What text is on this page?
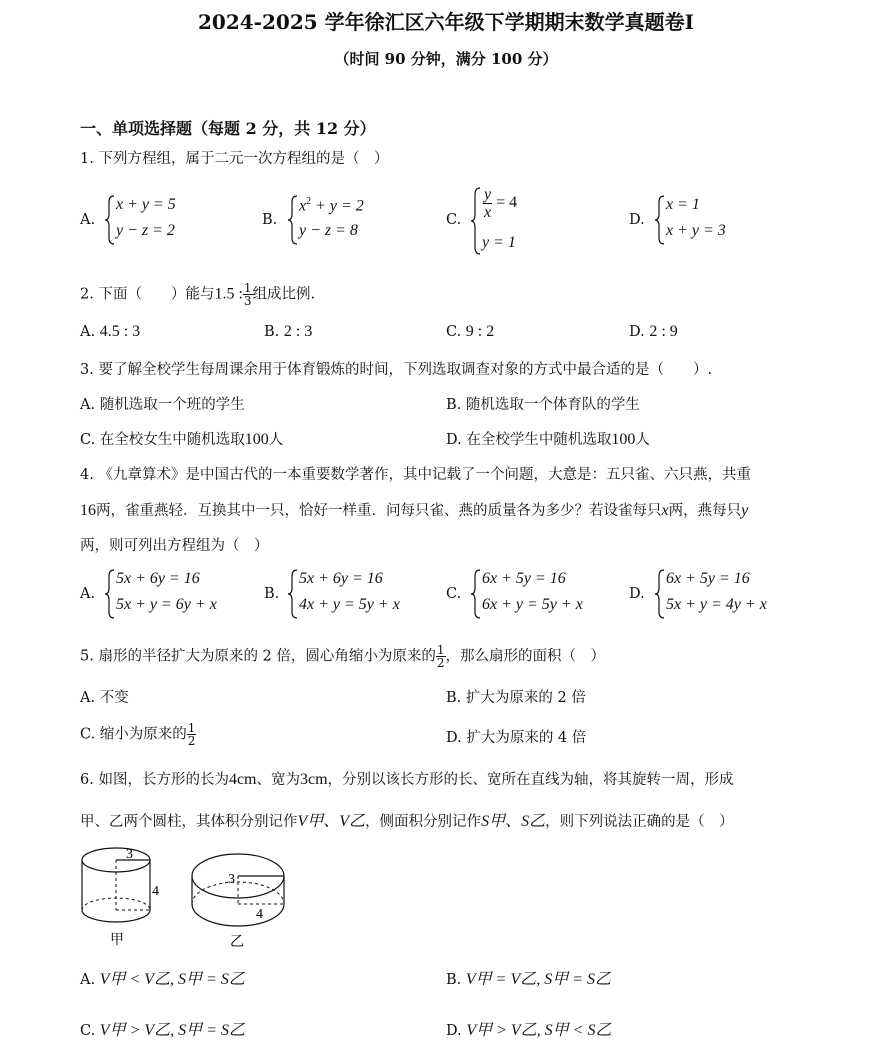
2024-2025 学年徐汇区六年级下学期期末数学真题卷Ⅰ
（时间 90 分钟，满分 100 分）
一、单项选择题（每题 2 分，共 12 分）
1. 下列方程组，属于二元一次方程组的是（　）
A.
x + y = 5
y − z = 2
B.
$x^2 + y = 2$
y − z = 8
C. $\frac{y}{x} = 4$
y = 1
D.
x = 1
x + y = 3
2. 下面（　　）能与1.5 : $\frac{1}{3}$ 组成比例.
A. 4.5 : 3	B. 2 : 3	C. 9 : 2	D. 2 : 9
3. 要了解全校学生每周课余用于体育锻炼的时间，下列选取调查对象的方式中最合适的是（　　）.
A. 随机选取一个班的学生	B. 随机选取一个体育队的学生
C. 在全校女生中随机选取100人	D. 在全校学生中随机选取100人
4. 《九章算术》是中国古代的一本重要数学著作，其中记载了一个问题，大意是：五只雀、六只燕，共重
16两，雀重燕轻．互换其中一只，恰好一样重．问每只雀、燕的质量各为多少？若设雀每只x两，燕每只y
两，则可列出方程组为（　）
A.
5x + 6y = 16
5x + y = 6y + x
B.
5x + 6y = 16
4x + y = 5y + x
C.
6x + 5y = 16
6x + y = 5y + x
D.
6x + 5y = 16
5x + y = 4y + x
5. 扇形的半径扩大为原来的 2 倍，圆心角缩小为原来的 $\frac{1}{2}$ ，那么扇形的面积（　）
A. 不变	B. 扩大为原来的 2 倍
C. 缩小为原来的 $\frac{1}{2}$	D. 扩大为原来的 4 倍
6. 如图，长方形的长为4cm、宽为3cm，分别以该长方形的长、宽所在直线为轴，将其旋转一周，形成
甲、乙两个圆柱，其体积分别记作V甲、V乙，侧面积分别记作S甲、S乙，则下列说法正确的是（　）
3
4
甲
3
4
乙
A. V甲 < V乙, S甲 = S乙	B. V甲 = V乙, S甲 = S乙
C. V甲 > V乙, S甲 = S乙	D. V甲 > V乙, S甲 < S乙
